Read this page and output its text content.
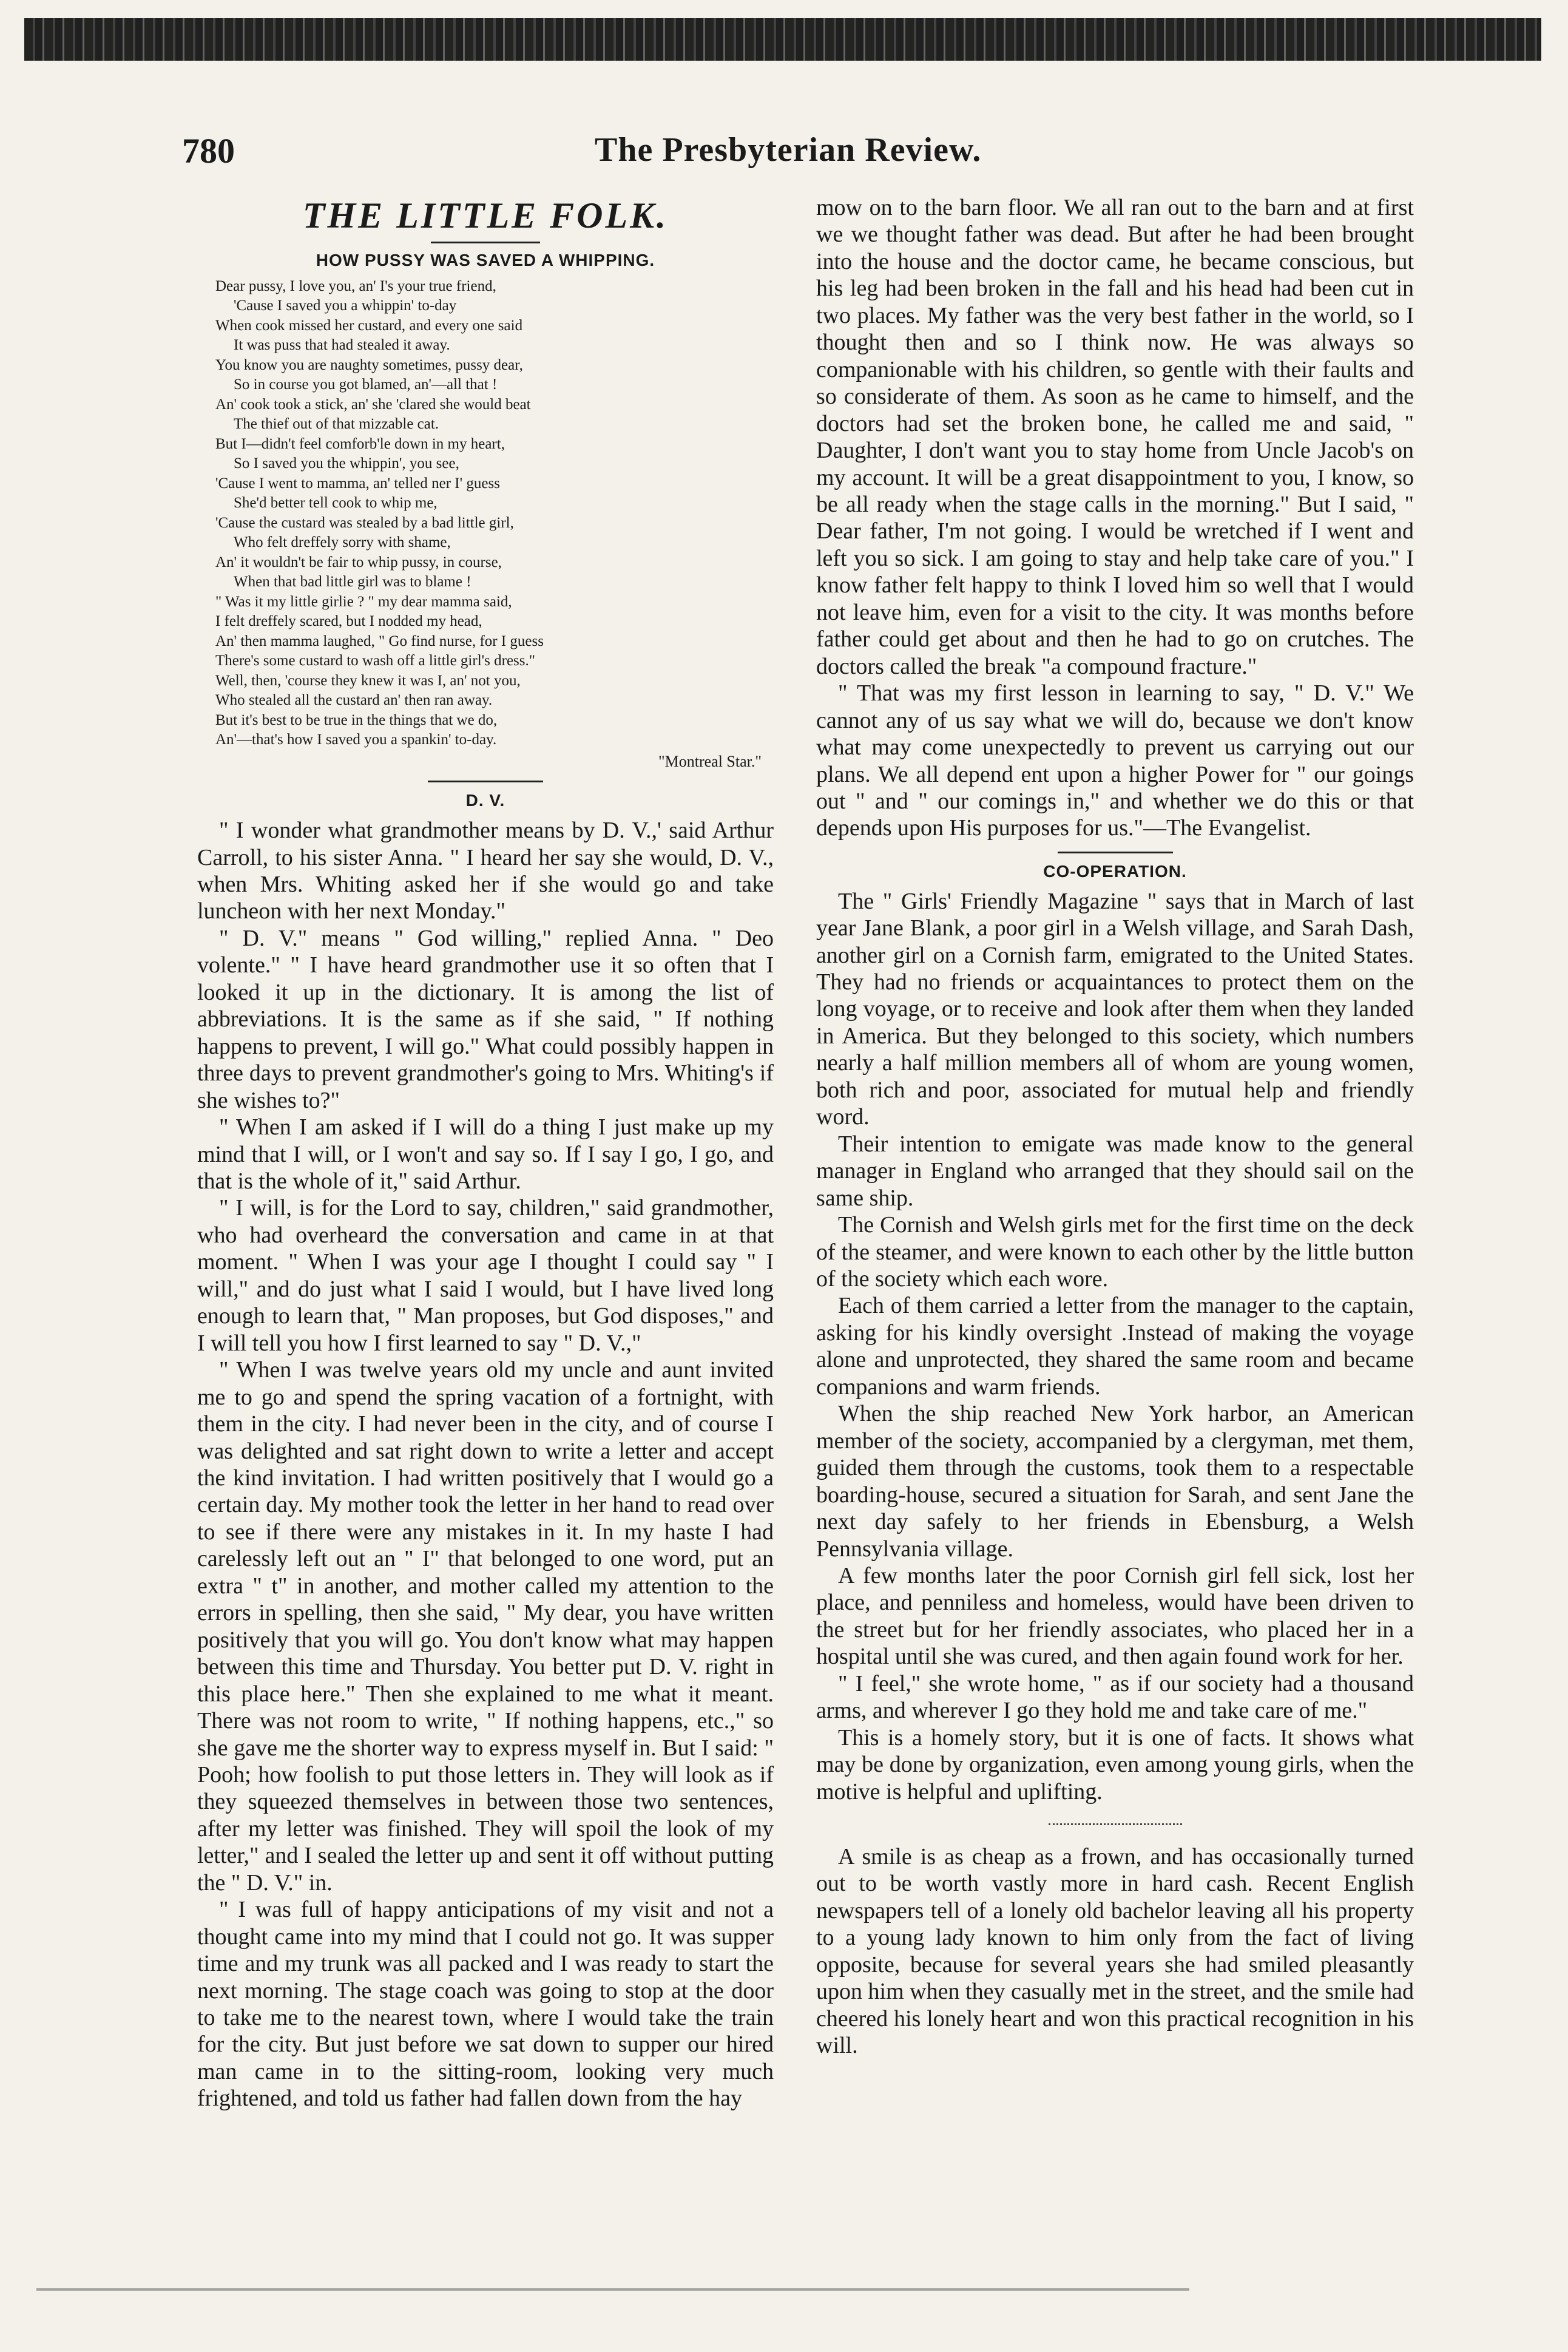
780	The Presbyterian Review.
THE LITTLE FOLK.
HOW PUSSY WAS SAVED A WHIPPING.

Dear pussy, I love you, an' I's your true friend,

'Cause I saved you a whippin' to-day

When cook missed her custard, and every one said

It was puss that had stealed it away.

You know you are naughty sometimes, pussy dear,

So in course you got blamed, an'—all that !

An' cook took a stick, an' she 'clared she would beat

The thief out of that mizzable cat.

But I—didn't feel comforb'le down in my heart,

So I saved you the whippin', you see,

'Cause I went to mamma, an' telled ner I' guess

She'd better tell cook to whip me,

'Cause the custard was stealed by a bad little girl,

Who felt dreffely sorry with shame,

An' it wouldn't be fair to whip pussy, in course,

When that bad little girl was to blame !

" Was it my little girlie ? " my dear mamma said,

I felt dreffely scared, but I nodded my head,

An' then mamma laughed, " Go find nurse, for I guess

There's some custard to wash off a little girl's dress."

Well, then, 'course they knew it was I, an' not you,

Who stealed all the custard an' then ran away.

But it's best to be true in the things that we do,

An'—that's how I saved you a spankin' to-day.

"Montreal Star."
D. V.

" I wonder what grandmother means by D. V.,' said Arthur Carroll, to his sister Anna. " I heard her say she would, D. V., when Mrs. Whiting asked her if she would go and take luncheon with her next Monday."

" D. V." means " God willing," replied Anna. " Deo volente." " I have heard grandmother use it so often that I looked it up in the dictionary. It is among the list of abbreviations. It is the same as if she said, " If nothing happens to prevent, I will go." What could possibly happen in three days to prevent grandmother's going to Mrs. Whiting's if she wishes to?"

" When I am asked if I will do a thing I just make up my mind that I will, or I won't and say so. If I say I go, I go, and that is the whole of it," said Arthur.

" I will, is for the Lord to say, children," said grandmother, who had overheard the conversation and came in at that moment. " When I was your age I thought I could say " I will," and do just what I said I would, but I have lived long enough to learn that, " Man proposes, but God disposes," and I will tell you how I first learned to say " D. V.,"

" When I was twelve years old my uncle and aunt invited me to go and spend the spring vacation of a fortnight, with them in the city. I had never been in the city, and of course I was delighted and sat right down to write a letter and accept the kind invitation. I had written positively that I would go a certain day. My mother took the letter in her hand to read over to see if there were any mistakes in it. In my haste I had carelessly left out an " I" that belonged to one word, put an extra " t" in another, and mother called my attention to the errors in spelling, then she said, " My dear, you have written positively that you will go. You don't know what may happen between this time and Thursday. You better put D. V. right in this place here." Then she explained to me what it meant. There was not room to write, " If nothing happens, etc.," so she gave me the shorter way to express myself in. But I said: " Pooh; how foolish to put those letters in. They will look as if they squeezed themselves in between those two sentences, after my letter was finished. They will spoil the look of my letter," and I sealed the letter up and sent it off without putting the " D. V." in.

" I was full of happy anticipations of my visit and not a thought came into my mind that I could not go. It was supper time and my trunk was all packed and I was ready to start the next morning. The stage coach was going to stop at the door to take me to the nearest town, where I would take the train for the city. But just before we sat down to supper our hired man came in to the sitting-room, looking very much frightened, and told us father had fallen down from the hay

mow on to the barn floor. We all ran out to the barn and at first we we thought father was dead. But after he had been brought into the house and the doctor came, he became conscious, but his leg had been broken in the fall and his head had been cut in two places. My father was the very best father in the world, so I thought then and so I think now. He was always so companionable with his children, so gentle with their faults and so considerate of them. As soon as he came to himself, and the doctors had set the broken bone, he called me and said, " Daughter, I don't want you to stay home from Uncle Jacob's on my account. It will be a great disappointment to you, I know, so be all ready when the stage calls in the morning." But I said, " Dear father, I'm not going. I would be wretched if I went and left you so sick. I am going to stay and help take care of you." I know father felt happy to think I loved him so well that I would not leave him, even for a visit to the city. It was months before father could get about and then he had to go on crutches. The doctors called the break "a compound fracture."

" That was my first lesson in learning to say, " D. V." We cannot any of us say what we will do, because we don't know what may come unexpectedly to prevent us carrying out our plans. We all depend ent upon a higher Power for " our goings out " and " our comings in," and whether we do this or that depends upon His purposes for us."—The Evangelist.

CO-OPERATION.

The " Girls' Friendly Magazine " says that in March of last year Jane Blank, a poor girl in a Welsh village, and Sarah Dash, another girl on a Cornish farm, emigrated to the United States. They had no friends or acquaintances to protect them on the long voyage, or to receive and look after them when they landed in America. But they belonged to this society, which numbers nearly a half million members all of whom are young women, both rich and poor, associated for mutual help and friendly word.

Their intention to emigate was made know to the general manager in England who arranged that they should sail on the same ship.

The Cornish and Welsh girls met for the first time on the deck of the steamer, and were known to each other by the little button of the society which each wore.

Each of them carried a letter from the manager to the captain, asking for his kindly oversight .Instead of making the voyage alone and unprotected, they shared the same room and became companions and warm friends.

When the ship reached New York harbor, an American member of the society, accompanied by a clergyman, met them, guided them through the customs, took them to a respectable boarding-house, secured a situation for Sarah, and sent Jane the next day safely to her friends in Ebensburg, a Welsh Pennsylvania village.

A few months later the poor Cornish girl fell sick, lost her place, and penniless and homeless, would have been driven to the street but for her friendly associates, who placed her in a hospital until she was cured, and then again found work for her.

" I feel," she wrote home, " as if our society had a thousand arms, and wherever I go they hold me and take care of me."

This is a homely story, but it is one of facts. It shows what may be done by organization, even among young girls, when the motive is helpful and uplifting.

A smile is as cheap as a frown, and has occasionally turned out to be worth vastly more in hard cash. Recent English newspapers tell of a lonely old bachelor leaving all his property to a young lady known to him only from the fact of living opposite, because for several years she had smiled pleasantly upon him when they casually met in the street, and the smile had cheered his lonely heart and won this practical recognition in his will.
